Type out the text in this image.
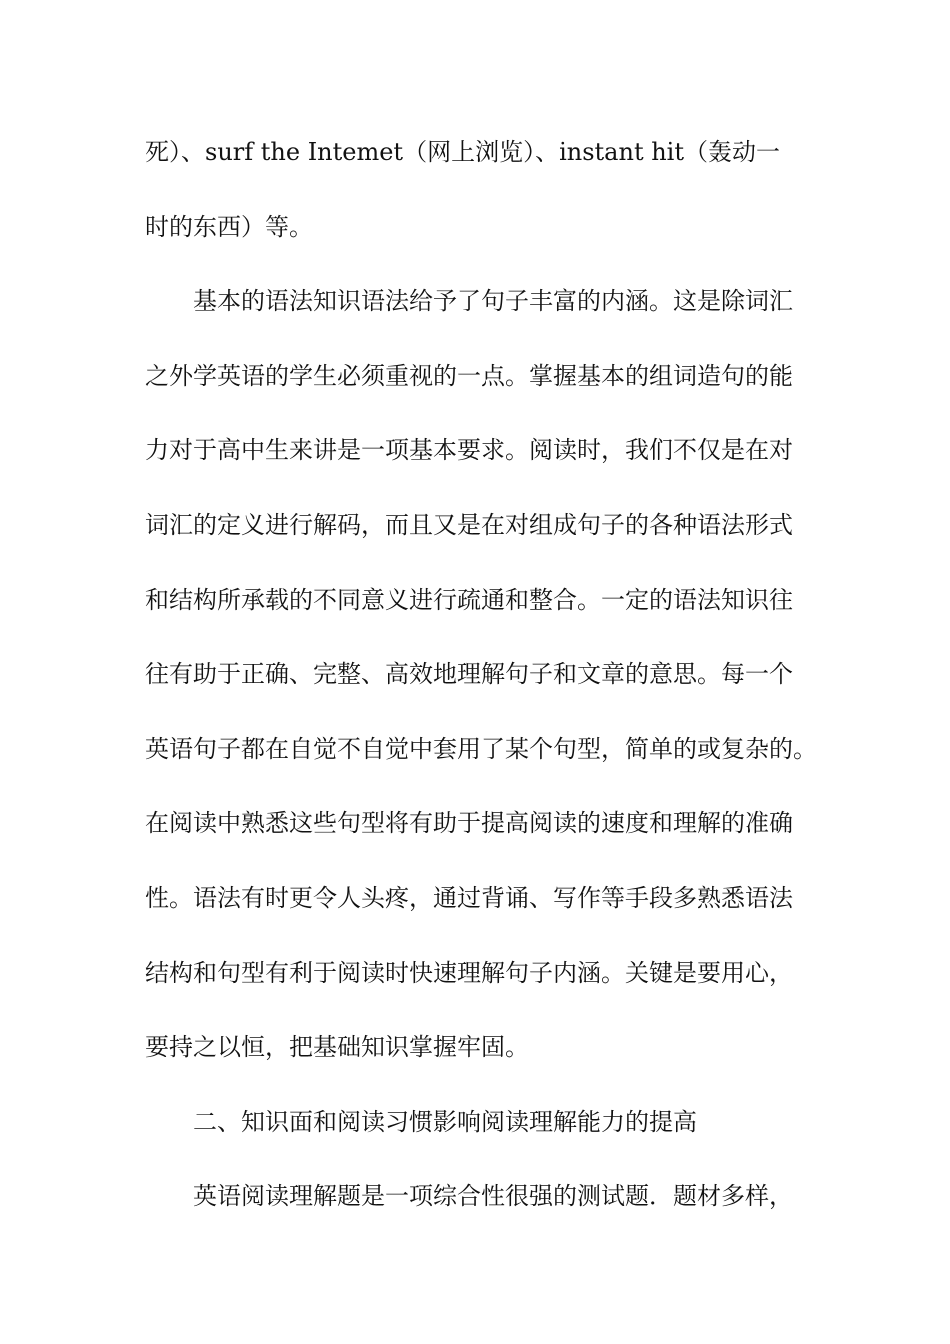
死）、surf the Intemet（网上浏览）、instant hit（轰动一
时的东西）等。
基本的语法知识语法给予了句子丰富的内涵。这是除词汇
之外学英语的学生必须重视的一点。掌握基本的组词造句的能
力对于高中生来讲是一项基本要求。阅读时，我们不仅是在对
词汇的定义进行解码，而且又是在对组成句子的各种语法形式
和结构所承载的不同意义进行疏通和整合。一定的语法知识往
往有助于正确、完整、高效地理解句子和文章的意思。每一个
英语句子都在自觉不自觉中套用了某个句型，简单的或复杂的。
在阅读中熟悉这些句型将有助于提高阅读的速度和理解的准确
性。语法有时更令人头疼，通过背诵、写作等手段多熟悉语法
结构和句型有利于阅读时快速理解句子内涵。关键是要用心，
要持之以恒，把基础知识掌握牢固。
二、知识面和阅读习惯影响阅读理解能力的提高
英语阅读理解题是一项综合性很强的测试题．题材多样，
